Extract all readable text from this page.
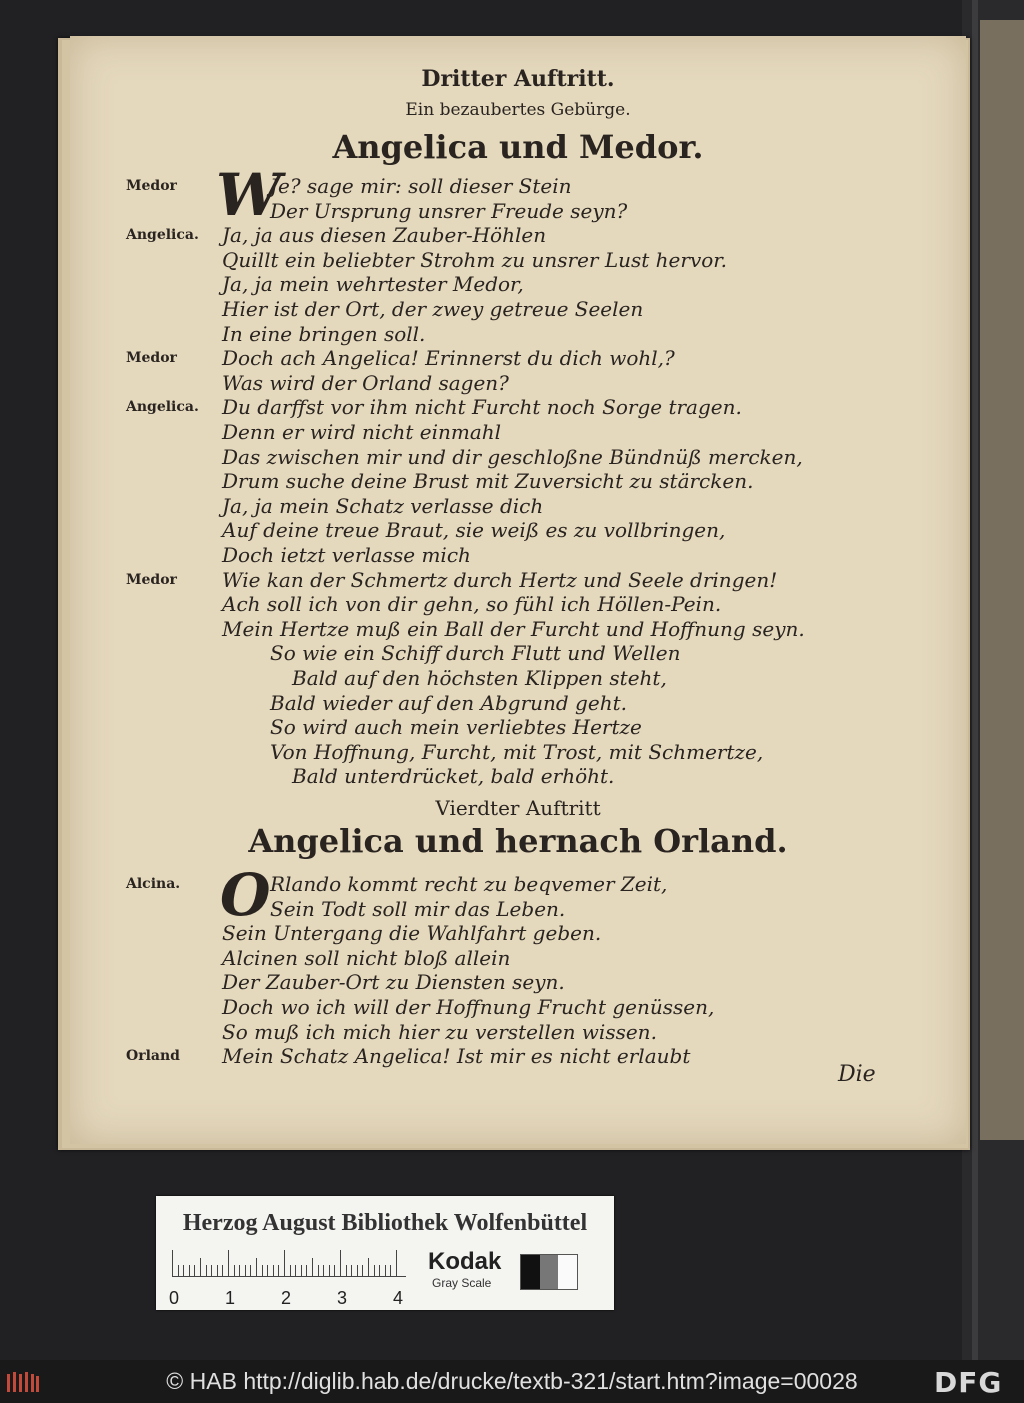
Dritter Auftritt.
Ein bezaubertes Gebürge.
Angelica und Medor.
W
Vierdter Auftritt
Angelica und hernach Orland.
O
Die
Medor	Je? sage mir: soll dieser Stein
Der Ursprung unsrer Freude seyn?
Angelica. Ja, ja aus diesen Zauber-Höhlen
Quillt ein beliebter Strohm zu unsrer Lust hervor.
Ja, ja mein wehrtester Medor,
Hier ist der Ort, der zwey getreue Seelen
In eine bringen soll.
Medor Doch ach Angelica! Erinnerst du dich wohl,?
Was wird der Orland sagen?
Angelica. Du darffst vor ihm nicht Furcht noch Sorge tragen.
Denn er wird nicht einmahl
Das zwischen mir und dir geschloßne Bündnüß mercken,
Drum suche deine Brust mit Zuversicht zu stärcken.
Ja, ja mein Schatz verlasse dich
Auf deine treue Braut, sie weiß es zu vollbringen,
Doch ietzt verlasse mich
Medor Wie kan der Schmertz durch Hertz und Seele dringen!
Ach soll ich von dir gehn, so fühl ich Höllen-Pein.
Mein Hertze muß ein Ball der Furcht und Hoffnung seyn.
So wie ein Schiff durch Flutt und Wellen
Bald auf den höchsten Klippen steht,
Bald wieder auf den Abgrund geht.
So wird auch mein verliebtes Hertze
Von Hoffnung, Furcht, mit Trost, mit Schmertze,
Bald unterdrücket, bald erhöht.
Alcina.	Rlando kommt recht zu beqvemer Zeit,
Sein Todt soll mir das Leben.
Sein Untergang die Wahlfahrt geben.
Alcinen soll nicht bloß allein
Der Zauber-Ort zu Diensten seyn.
Doch wo ich will der Hoffnung Frucht genüssen,
So muß ich mich hier zu verstellen wissen.
Orland Mein Schatz Angelica! Ist mir es nicht erlaubt
Herzog August Bibliothek Wolfenbüttel
0	1	2	3	4
Kodak
Gray Scale
© HAB http://diglib.hab.de/drucke/textb-321/start.htm?image=00028	DFG
